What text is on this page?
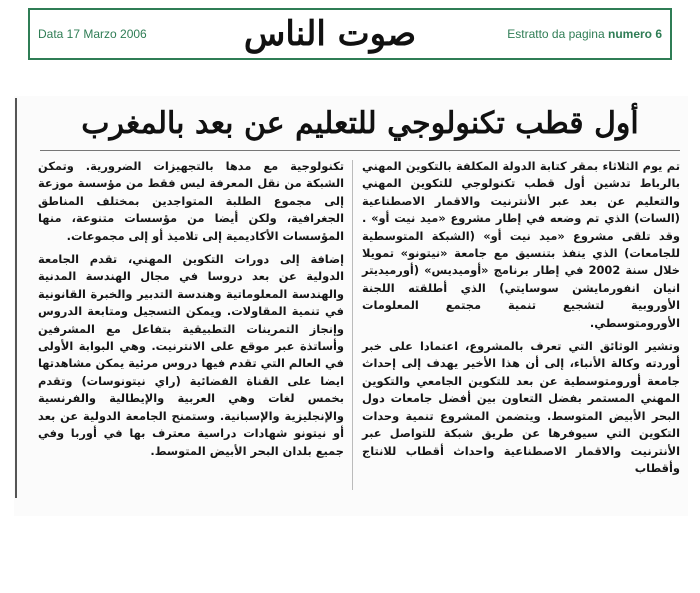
Data 17 Marzo 2006	صوت الناس	Estratto da pagina numero 6
أول قطب تكنولوجي للتعليم عن بعد بالمغرب

تم يوم الثلاثاء بمقر كتابة الدولة المكلفة بالتكوين المهني بالرباط تدشين أول قطب تكنولوجي للتكوين المهني والتعليم عن بعد عبر الأنترنيت والاقمار الاصطناعية (السات) الذي تم وضعه في إطار مشروع «ميد نيت أو» . وقد تلقى مشروع «ميد نيت أو» (الشبكة المتوسطية للجامعات) الذي ينفذ بتنسيق مع جامعة «نيتونو» تمويلا خلال سنة 2002 في إطار برنامج «أوميديس» (أورميديتر انيان انفورمايشن سوسايتي) الذي أطلقته اللجنة الأوروبية لتشجيع تنمية مجتمع المعلومات الأورومتوسطي.

وتشير الوثائق التي تعرف بالمشروع، اعتمادا على خبر أوردته وكالة الأنباء، إلى أن هذا الأخير يهدف إلى إحداث جامعة أورومتوسطية عن بعد للتكوين الجامعي والتكوين المهني المستمر بفضل التعاون بين أفضل جامعات دول البحر الأبيض المتوسط. ويتضمن المشروع تنمية وحدات التكوين التي سيوفرها عن طريق شبكة للتواصل عبر الأنترنيت والاقمار الاصطناعية واحداث أقطاب للانتاج وأقطاب

تكنولوجية مع مدها بالتجهيزات الضرورية. وتمكن الشبكة من نقل المعرفة ليس فقط من مؤسسة موزعة إلى مجموع الطلبة المتواجدين بمختلف المناطق الجغرافية، ولكن أيضا من مؤسسات متنوعة، منها المؤسسات الأكاديمية إلى تلاميذ أو إلى مجموعات.

إضافة إلى دورات التكوين المهني، تقدم الجامعة الدولية عن بعد دروسا في مجال الهندسة المدنية والهندسة المعلوماتية وهندسة التدبير والخبرة القانونية في تنمية المقاولات. ويمكن التسجيل ومتابعة الدروس وإنجاز التمرينات التطبيقية بتفاعل مع المشرفين وأساتذة عبر موقع على الانترنيت. وهي البوابة الأولى في العالم التي تقدم فيها دروس مرئية يمكن مشاهدتها ايضا على القناة الفضائية (راي نيتونوسات) وتقدم بخمس لغات وهي العربية والإيطالية والفرنسية والإنجليزية والإسبانية. وستمنح الجامعة الدولية عن بعد أو نيتونو شهادات دراسية معترف بها في أوربا وفي جميع بلدان البحر الأبيض المتوسط.
